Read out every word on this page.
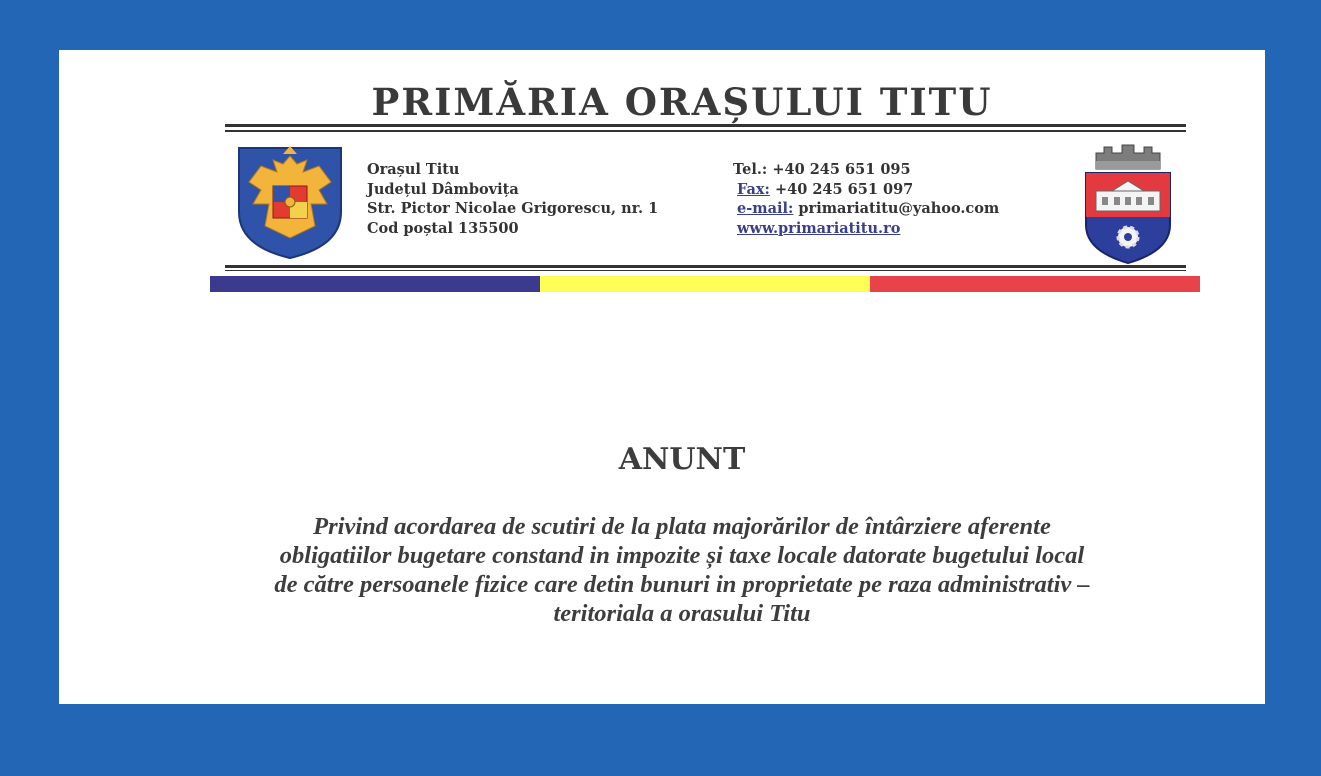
PRIMĂRIA ORAȘULUI TITU
Orașul Titu
Județul Dâmbovița
Str. Pictor Nicolae Grigorescu, nr. 1
Cod poștal 135500
Tel.: +40 245 651 095
Fax: +40 245 651 097
e-mail: primariatitu@yahoo.com
www.primariatitu.ro
ANUNT
Privind acordarea de scutiri de la plata majorărilor de întârziere aferente
obligatiilor bugetare constand in impozite și taxe locale datorate bugetului local
de către persoanele fizice care detin bunuri in proprietate pe raza administrativ –
teritoriala a orasului Titu
